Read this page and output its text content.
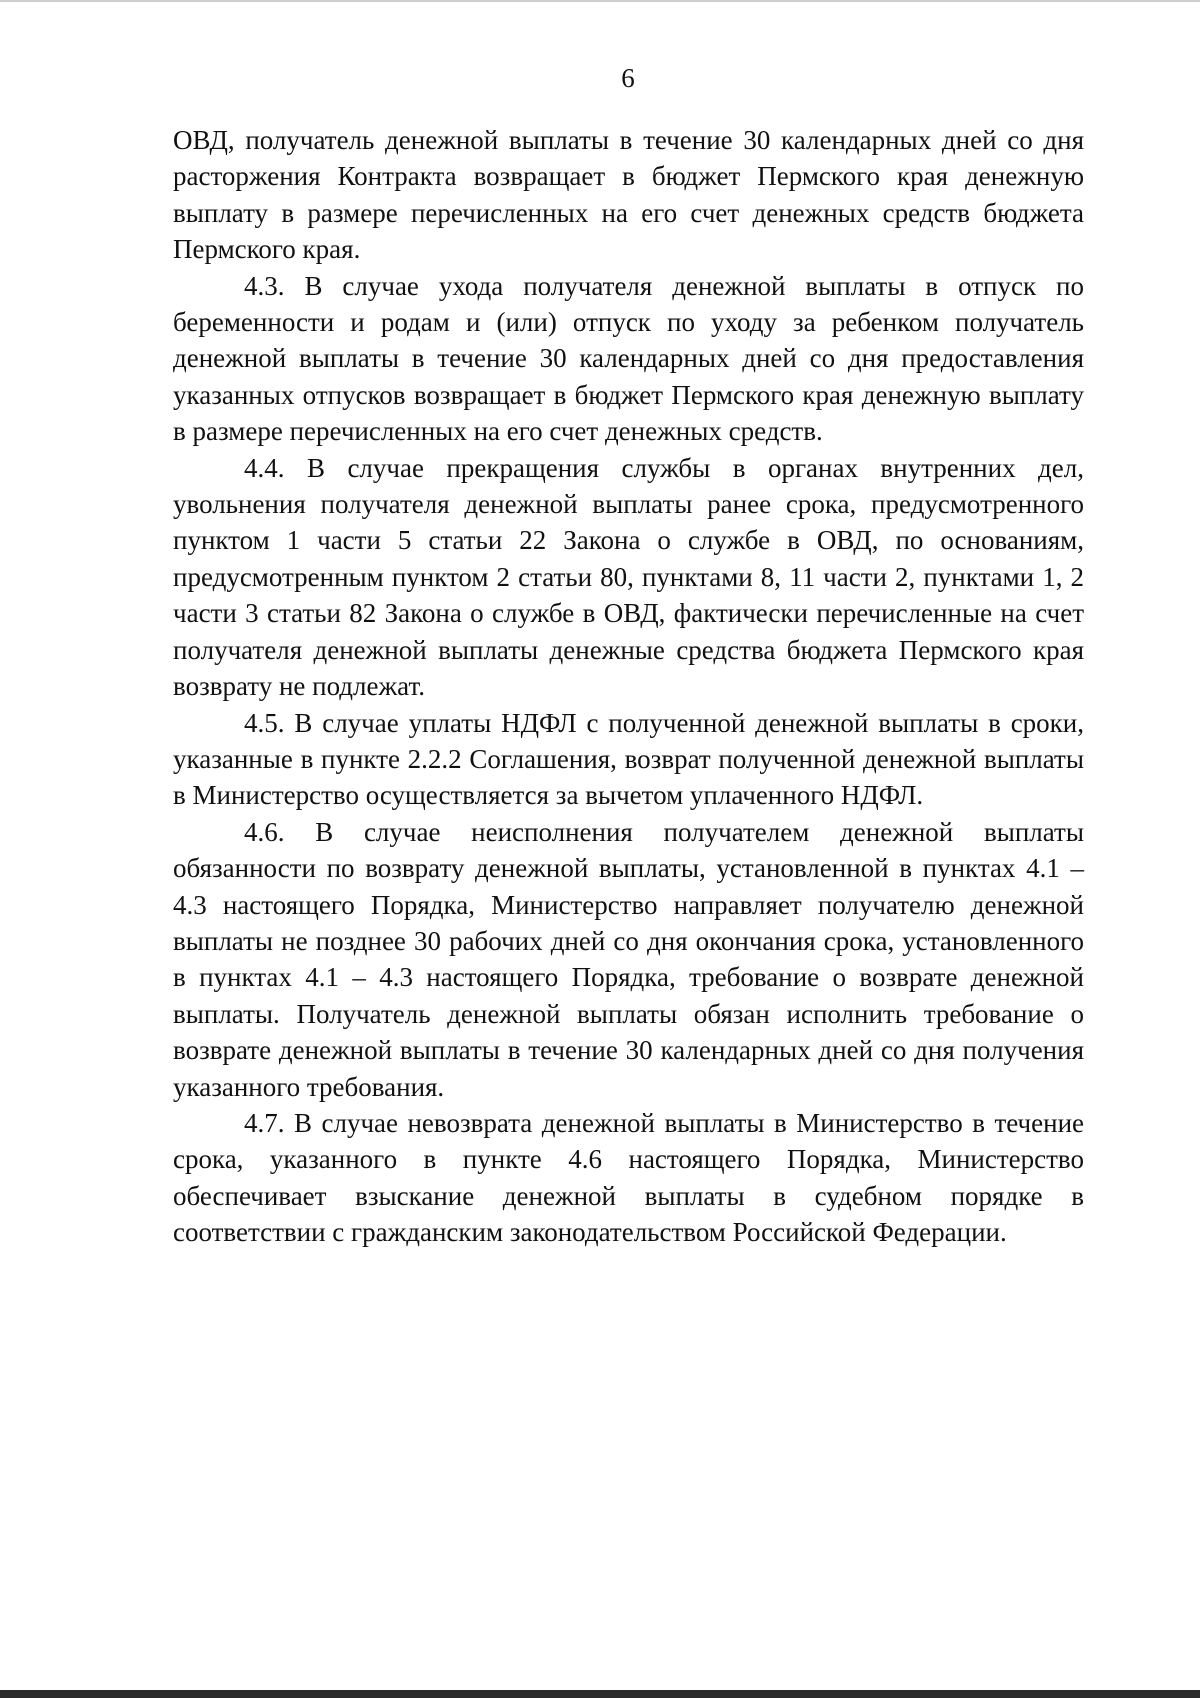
6

ОВД, получатель денежной выплаты в течение 30 календарных дней со дня расторжения Контракта возвращает в бюджет Пермского края денежную выплату в размере перечисленных на его счет денежных средств бюджета Пермского края.

4.3. В случае ухода получателя денежной выплаты в отпуск по беременности и родам и (или) отпуск по уходу за ребенком получатель денежной выплаты в течение 30 календарных дней со дня предоставления указанных отпусков возвращает в бюджет Пермского края денежную выплату в размере перечисленных на его счет денежных средств.

4.4. В случае прекращения службы в органах внутренних дел, увольнения получателя денежной выплаты ранее срока, предусмотренного пунктом 1 части 5 статьи 22 Закона о службе в ОВД, по основаниям, предусмотренным пунктом 2 статьи 80, пунктами 8, 11 части 2, пунктами 1, 2 части 3 статьи 82 Закона о службе в ОВД, фактически перечисленные на счет получателя денежной выплаты денежные средства бюджета Пермского края возврату не подлежат.

4.5. В случае уплаты НДФЛ с полученной денежной выплаты в сроки, указанные в пункте 2.2.2 Соглашения, возврат полученной денежной выплаты в Министерство осуществляется за вычетом уплаченного НДФЛ.

4.6. В случае неисполнения получателем денежной выплаты обязанности по возврату денежной выплаты, установленной в пунктах 4.1 – 4.3 настоящего Порядка, Министерство направляет получателю денежной выплаты не позднее 30 рабочих дней со дня окончания срока, установленного в пунктах 4.1 – 4.3 настоящего Порядка, требование о возврате денежной выплаты. Получатель денежной выплаты обязан исполнить требование о возврате денежной выплаты в течение 30 календарных дней со дня получения указанного требования.

4.7. В случае невозврата денежной выплаты в Министерство в течение срока, указанного в пункте 4.6 настоящего Порядка, Министерство обеспечивает взыскание денежной выплаты в судебном порядке в соответствии с гражданским законодательством Российской Федерации.
